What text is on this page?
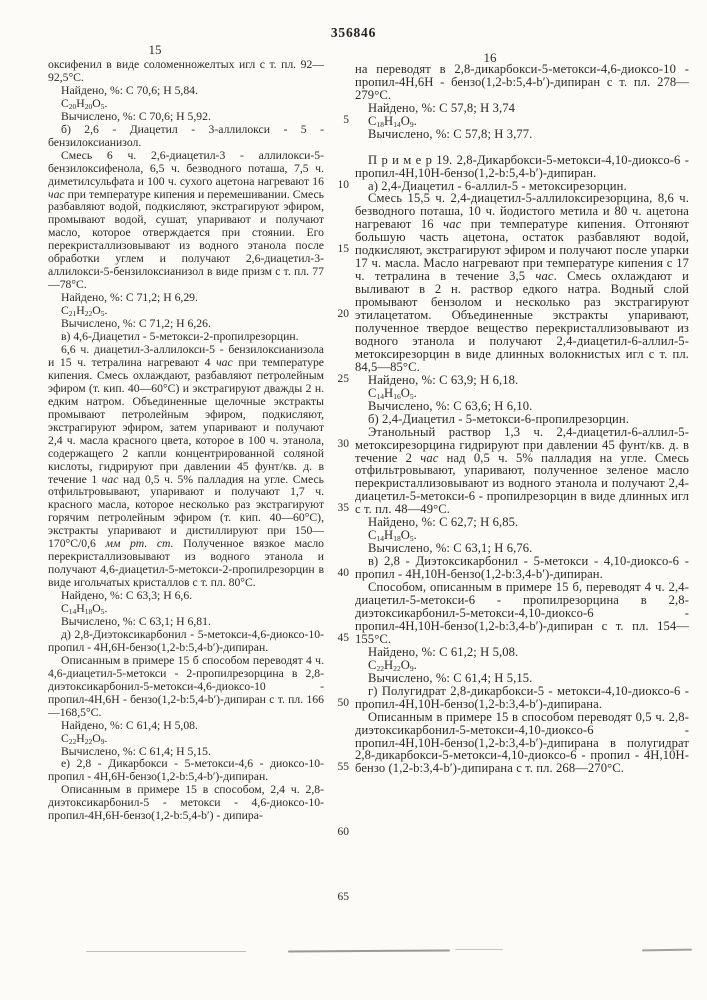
356846
15
16

оксифенил в виде соломенножелтых игл с т. пл. 92—92,5°С.

Найдено, %: C 70,6; H 5,84.

$C_{20}H_{20}O_5$.

Вычислено, %: C 70,6; H 5,92.

б) 2,6 - Диацетил - 3-аллилокси - 5 - бензилоксианизол.

Смесь 6 ч. 2,6-диацетил-3 - аллилокси-5-бензилоксифенола, 6,5 ч. безводного поташа, 7,5 ч. диметилсульфата и 100 ч. сухого ацетона нагревают 16 час при температуре кипения и перемешивании. Смесь разбавляют водой, подкисляют, экстрагируют эфиром, промывают водой, сушат, упаривают и получают масло, которое отверждается при стоянии. Его перекристаллизовывают из водного этанола после обработки углем и получают 2,6-диацетил-3-аллилокси-5-бензилоксианизол в виде призм с т. пл. 77—78°С.

Найдено, %: C 71,2; H 6,29.

$C_{21}H_{22}O_5$.

Вычислено, %: C 71,2; H 6,26.

в) 4,6-Диацетил - 5-метокси-2-пропилрезорцин.

6,6 ч. диацетил-3-аллилокси-5 - бензилоксианизола и 15 ч. тетралина нагревают 4 час при температуре кипения. Смесь охлаждают, разбавляют петролейным эфиром (т. кип. 40—60°С) и экстрагируют дважды 2 н. едким натром. Объединенные щелочные экстракты промывают петролейным эфиром, подкисляют, экстрагируют эфиром, затем упаривают и получают 2,4 ч. масла красного цвета, которое в 100 ч. этанола, содержащего 2 капли концентрированной соляной кислоты, гидрируют при давлении 45 фунт/кв. д. в течение 1 час над 0,5 ч. 5% палладия на угле. Смесь отфильтровывают, упаривают и получают 1,7 ч. красного масла, которое несколько раз экстрагируют горячим петролейным эфиром (т. кип. 40—60°С), экстракты упаривают и дистиллируют при 150—170°С/0,6 мм рт. ст. Полученное вязкое масло перекристаллизовывают из водного этанола и получают 4,6-диацетил-5-метокси-2-пропилрезорцин в виде игольчатых кристаллов с т. пл. 80°С.

Найдено, %: C 63,3; H 6,6.

$C_{14}H_{18}O_5$.

Вычислено, %: C 63,1; H 6,81.

д) 2,8-Диэтоксикарбонил - 5-метокси-4,6-диоксо-10-пропил - 4H,6H-бензо(1,2-b:5,4-b′)-дипиран.

Описанным в примере 15 б способом переводят 4 ч. 4,6-диацетил-5-метокси - 2-пропилрезорцина в 2,8-диэтоксикарбонил-5-метокси-4,6-диоксо-10 - пропил-4H,6H - бензо(1,2-b:5,4-b′)-дипиран с т. пл. 166—168,5°С.

Найдено, %: C 61,4; H 5,08.

$C_{22}H_{22}O_9$.

Вычислено, %: C 61,4; H 5,15.

е) 2,8 - Дикарбокси - 5-метокси-4,6 - диоксо-10-пропил - 4H,6H-бензо(1,2-b:5,4-b′)-дипиран.

Описанным в примере 15 в способом, 2,4 ч. 2,8-диэтоксикарбонил-5 - метокси - 4,6-диоксо-10-пропил-4H,6H-бензо(1,2-b:5,4-b′) - дипира-

5
10
15
20
25
30
35
40
45
50
55
60
65

на переводят в 2,8-дикарбокси-5-метокси-4,6-диоксо-10 - пропил-4H,6H - бензо(1,2-b:5,4-b′)-дипиран с т. пл. 278—279°С.

Найдено, %: C 57,8; H 3,74

$C_{18}H_{14}O_9$.

Вычислено, %: C 57,8; H 3,77.

П р и м е р 19. 2,8-Дикарбокси-5-метокси-4,10-диоксо-6 - пропил-4H,10H-бензо(1,2-b:5,4-b′)-дипиран.

а) 2,4-Диацетил - 6-аллил-5 - метоксирезорцин.

Смесь 15,5 ч. 2,4-диацетил-5-аллилоксирезорцина, 8,6 ч. безводного поташа, 10 ч. йодистого метила и 80 ч. ацетона нагревают 16 час при температуре кипения. Отгоняют большую часть ацетона, остаток разбавляют водой, подкисляют, экстрагируют эфиром и получают после упарки 17 ч. масла. Масло нагревают при температуре кипения с 17 ч. тетралина в течение 3,5 час. Смесь охлаждают и выливают в 2 н. раствор едкого натра. Водный слой промывают бензолом и несколько раз экстрагируют этилацетатом. Объединенные экстракты упаривают, полученное твердое вещество перекристаллизовывают из водного этанола и получают 2,4-диацетил-6-аллил-5-метоксирезорцин в виде длинных волокнистых игл с т. пл. 84,5—85°С.

Найдено, %: C 63,9; H 6,18.

$C_{14}H_{16}O_5$.

Вычислено, %: C 63,6; H 6,10.

б) 2,4-Диацетил - 5-метокси-6-пропилрезорцин.

Этанольный раствор 1,3 ч. 2,4-диацетил-6-аллил-5-метоксирезорцина гидрируют при давлении 45 фунт/кв. д. в течение 2 час над 0,5 ч. 5% палладия на угле. Смесь отфильтровывают, упаривают, полученное зеленое масло перекристаллизовывают из водного этанола и получают 2,4-диацетил-5-метокси-6 - пропилрезорцин в виде длинных игл с т. пл. 48—49°С.

Найдено, %: C 62,7; H 6,85.

$C_{14}H_{18}O_5$.

Вычислено, %: C 63,1; H 6,76.

в) 2,8 - Диэтоксикарбонил - 5-метокси - 4,10-диоксо-6 - пропил - 4H,10H-бензо(1,2-b:3,4-b′)-дипиран.

Способом, описанным в примере 15 б, переводят 4 ч. 2,4-диацетил-5-метокси-6 - пропилрезорцина в 2,8-диэтоксикарбонил-5-метокси-4,10-диоксо-6 - пропил-4H,10H-бензо(1,2-b:3,4-b′)-дипиран с т. пл. 154—155°С.

Найдено, %: C 61,2; H 5,08.

$C_{22}H_{22}O_9$.

Вычислено, %: C 61,4; H 5,15.

г) Полугидрат 2,8-дикарбокси-5 - метокси-4,10-диоксо-6 - пропил-4H,10H-бензо(1,2-b:3,4-b′)-дипирана.

Описанным в примере 15 в способом переводят 0,5 ч. 2,8-диэтоксикарбонил-5-метокси-4,10-диоксо-6 - пропил-4H,10H-бензо(1,2-b:3,4-b′)-дипирана в полугидрат 2,8-дикарбокси-5-метокси-4,10-диоксо-6 - пропил - 4H,10H-бензо (1,2-b:3,4-b′)-дипирана с т. пл. 268—270°С.
